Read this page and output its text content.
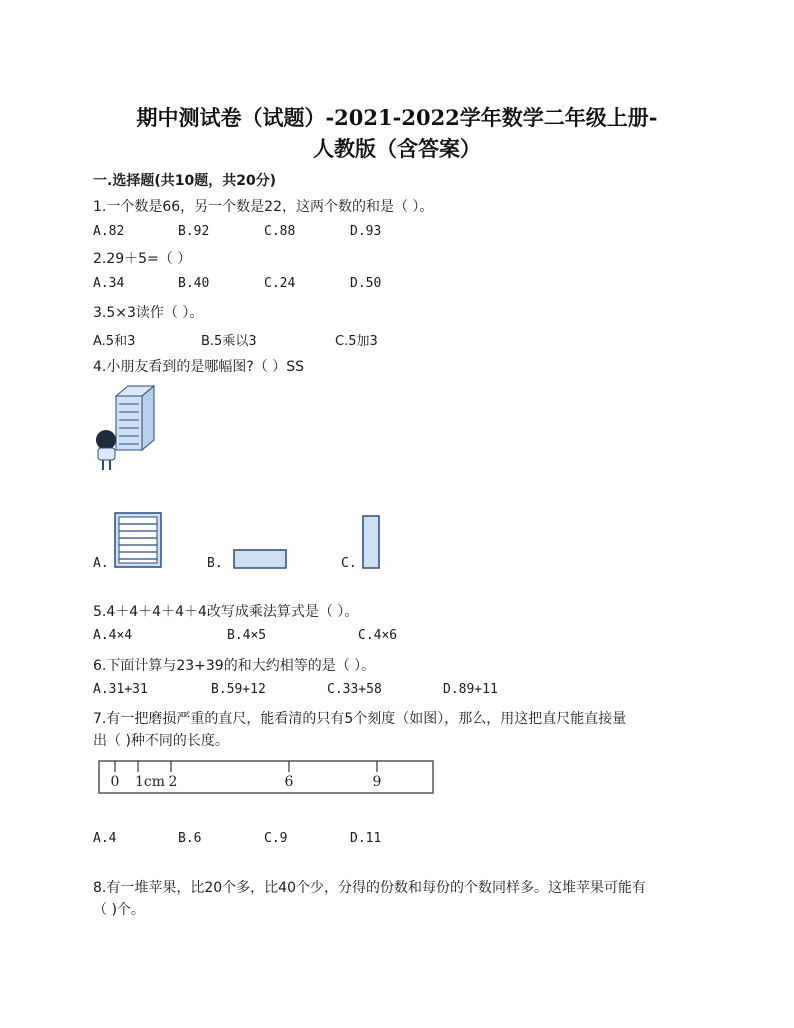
期中测试卷（试题）-2021-2022学年数学二年级上册-
人教版（含答案）
一.选择题(共10题，共20分)
1.一个数是66，另一个数是22，这两个数的和是（ ）。
A.82	B.92	C.88	D.93
2.29＋5=（ ）
A.34	B.40	C.24	D.50
3.5×3读作（ ）。
A.5和3	B.5乘以3	C.5加3
4.小朋友看到的是哪幅图?（ ）SS
A.	B.	C.
5.4＋4＋4＋4＋4改写成乘法算式是（ ）。
A.4×4	B.4×5	C.4×6
6.下面计算与23+39的和大约相等的是（ ）。
A.31+31	B.59+12	C.33+58	D.89+11
7.有一把磨损严重的直尺，能看清的只有5个刻度（如图），那么，用这把直尺能直接量
出（ )种不同的长度。
0 1cm 2	6	9
A.4	B.6	C.9	D.11
8.有一堆苹果，比20个多，比40个少，分得的份数和每份的个数同样多。这堆苹果可能有
（ )个。
